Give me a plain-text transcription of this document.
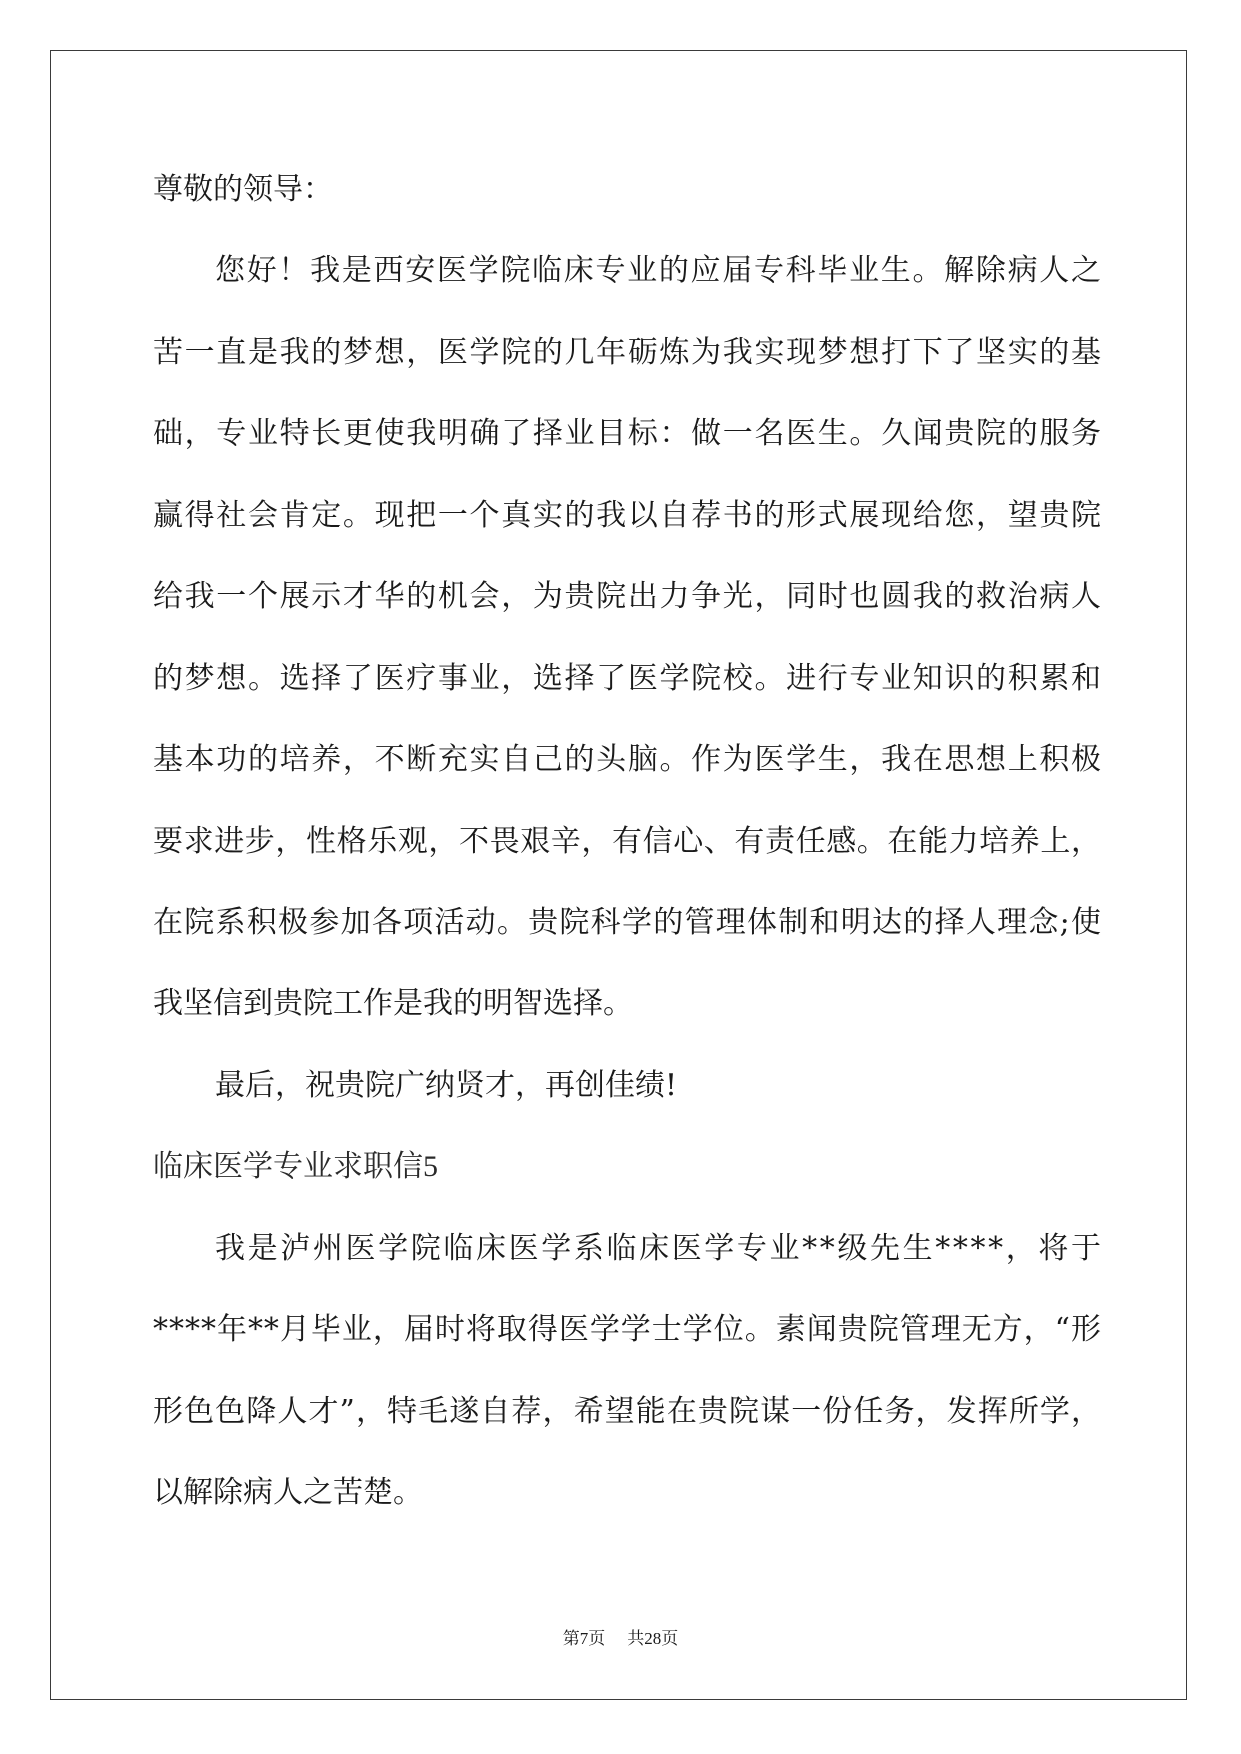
尊敬的领导：
您好！我是西安医学院临床专业的应届专科毕业生。解除病人之
苦一直是我的梦想，医学院的几年砺炼为我实现梦想打下了坚实的基
础，专业特长更使我明确了择业目标：做一名医生。久闻贵院的服务
赢得社会肯定。现把一个真实的我以自荐书的形式展现给您，望贵院
给我一个展示才华的机会，为贵院出力争光，同时也圆我的救治病人
的梦想。选择了医疗事业，选择了医学院校。进行专业知识的积累和
基本功的培养，不断充实自己的头脑。作为医学生，我在思想上积极
要求进步，性格乐观，不畏艰辛，有信心、有责任感。在能力培养上，
在院系积极参加各项活动。贵院科学的管理体制和明达的择人理念;使
我坚信到贵院工作是我的明智选择。
最后，祝贵院广纳贤才，再创佳绩!
临床医学专业求职信5
我是泸州医学院临床医学系临床医学专业**级先生****，将于
****年**月毕业，届时将取得医学学士学位。素闻贵院管理无方，“形
形色色降人才”，特毛遂自荐，希望能在贵院谋一份任务，发挥所学，
以解除病人之苦楚。
第7页 共28页
